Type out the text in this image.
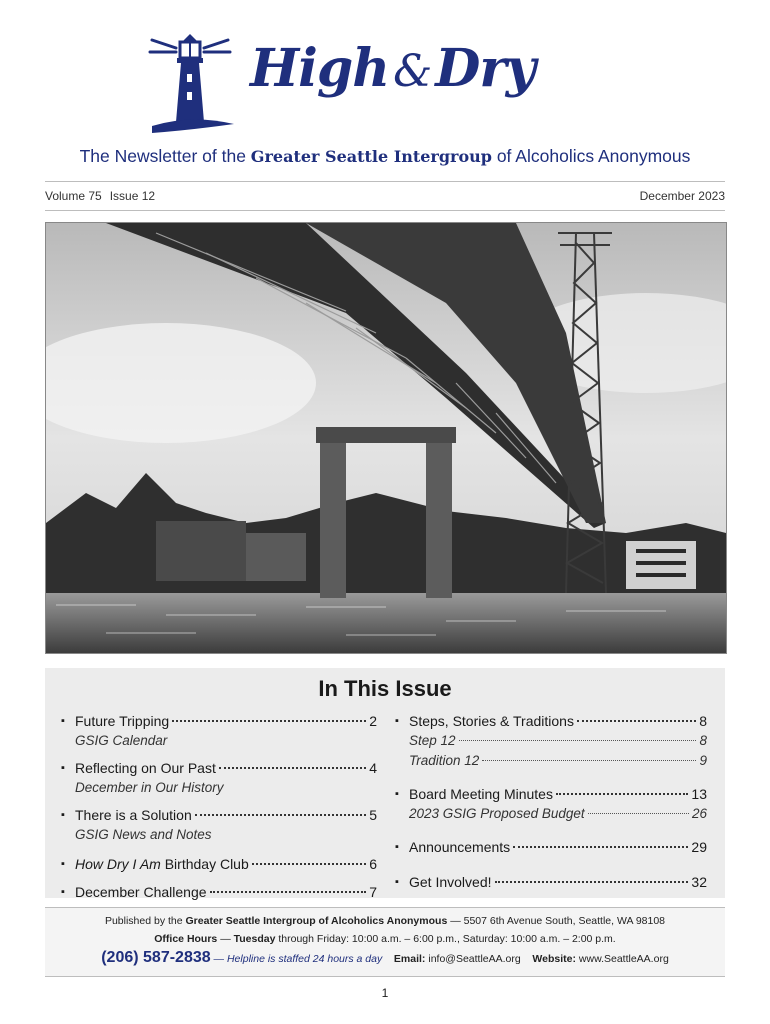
High&Dry
The Newsletter of the Greater Seattle Intergroup of Alcoholics Anonymous
Volume 75 Issue 12	December 2023
In This Issue
▪ Future Tripping	2
GSIG Calendar
▪ Reflecting on Our Past	4
December in Our History
▪ There is a Solution	5
GSIG News and Notes
▪ How Dry I Am Birthday Club	6
▪ December Challenge	7
▪ Steps, Stories & Traditions	8
Step 12	8
Tradition 12	9
▪ Board Meeting Minutes	13
2023 GSIG Proposed Budget	26
▪ Announcements	29
▪ Get Involved!	32
Published by the Greater Seattle Intergroup of Alcoholics Anonymous — 5507 6th Avenue South, Seattle, WA 98108
Office Hours — Tuesday through Friday: 10:00 a.m. – 6:00 p.m., Saturday: 10:00 a.m. – 2:00 p.m.
(206) 587-2838 — Helpline is staffed 24 hours a day Email: info@SeattleAA.org Website: www.SeattleAA.org
1
